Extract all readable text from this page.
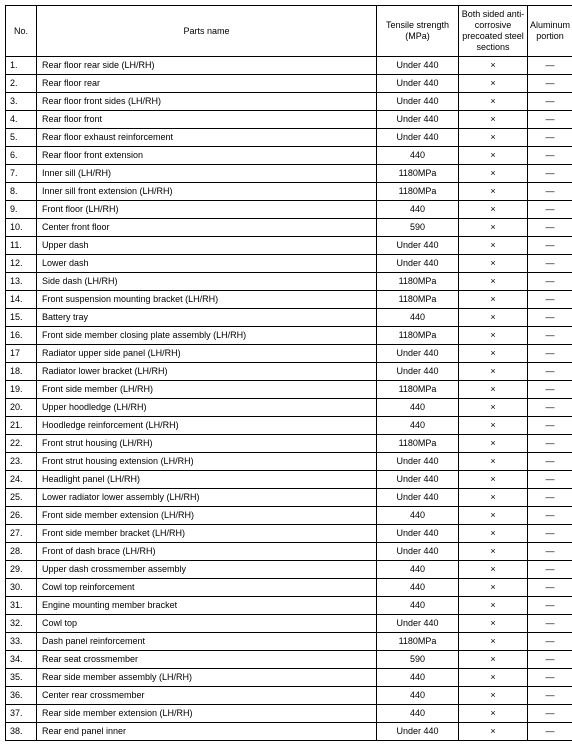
No.	Parts name	Tensile strength (MPa)	Both sided anti-corrosive precoated steel sections	Aluminum portion
1.	Rear floor rear side (LH/RH)	Under 440	×	—
2.	Rear floor rear	Under 440	×	—
3.	Rear floor front sides (LH/RH)	Under 440	×	—
4.	Rear floor front	Under 440	×	—
5.	Rear floor exhaust reinforcement	Under 440	×	—
6.	Rear floor front extension	440	×	—
7.	Inner sill (LH/RH)	1180MPa	×	—
8.	Inner sill front extension (LH/RH)	1180MPa	×	—
9.	Front floor (LH/RH)	440	×	—
10.	Center front floor	590	×	—
11.	Upper dash	Under 440	×	—
12.	Lower dash	Under 440	×	—
13.	Side dash (LH/RH)	1180MPa	×	—
14.	Front suspension mounting bracket (LH/RH)	1180MPa	×	—
15.	Battery tray	440	×	—
16.	Front side member closing plate assembly (LH/RH)	1180MPa	×	—
17	Radiator upper side panel (LH/RH)	Under 440	×	—
18.	Radiator lower bracket (LH/RH)	Under 440	×	—
19.	Front side member (LH/RH)	1180MPa	×	—
20.	Upper hoodledge (LH/RH)	440	×	—
21.	Hoodledge reinforcement (LH/RH)	440	×	—
22.	Front strut housing (LH/RH)	1180MPa	×	—
23.	Front strut housing extension (LH/RH)	Under 440	×	—
24.	Headlight panel (LH/RH)	Under 440	×	—
25.	Lower radiator lower assembly (LH/RH)	Under 440	×	—
26.	Front side member extension (LH/RH)	440	×	—
27.	Front side member bracket (LH/RH)	Under 440	×	—
28.	Front of dash brace (LH/RH)	Under 440	×	—
29.	Upper dash crossmember assembly	440	×	—
30.	Cowl top reinforcement	440	×	—
31.	Engine mounting member bracket	440	×	—
32.	Cowl top	Under 440	×	—
33.	Dash panel reinforcement	1180MPa	×	—
34.	Rear seat crossmember	590	×	—
35.	Rear side member assembly (LH/RH)	440	×	—
36.	Center rear crossmember	440	×	—
37.	Rear side member extension (LH/RH)	440	×	—
38.	Rear end panel inner	Under 440	×	—
